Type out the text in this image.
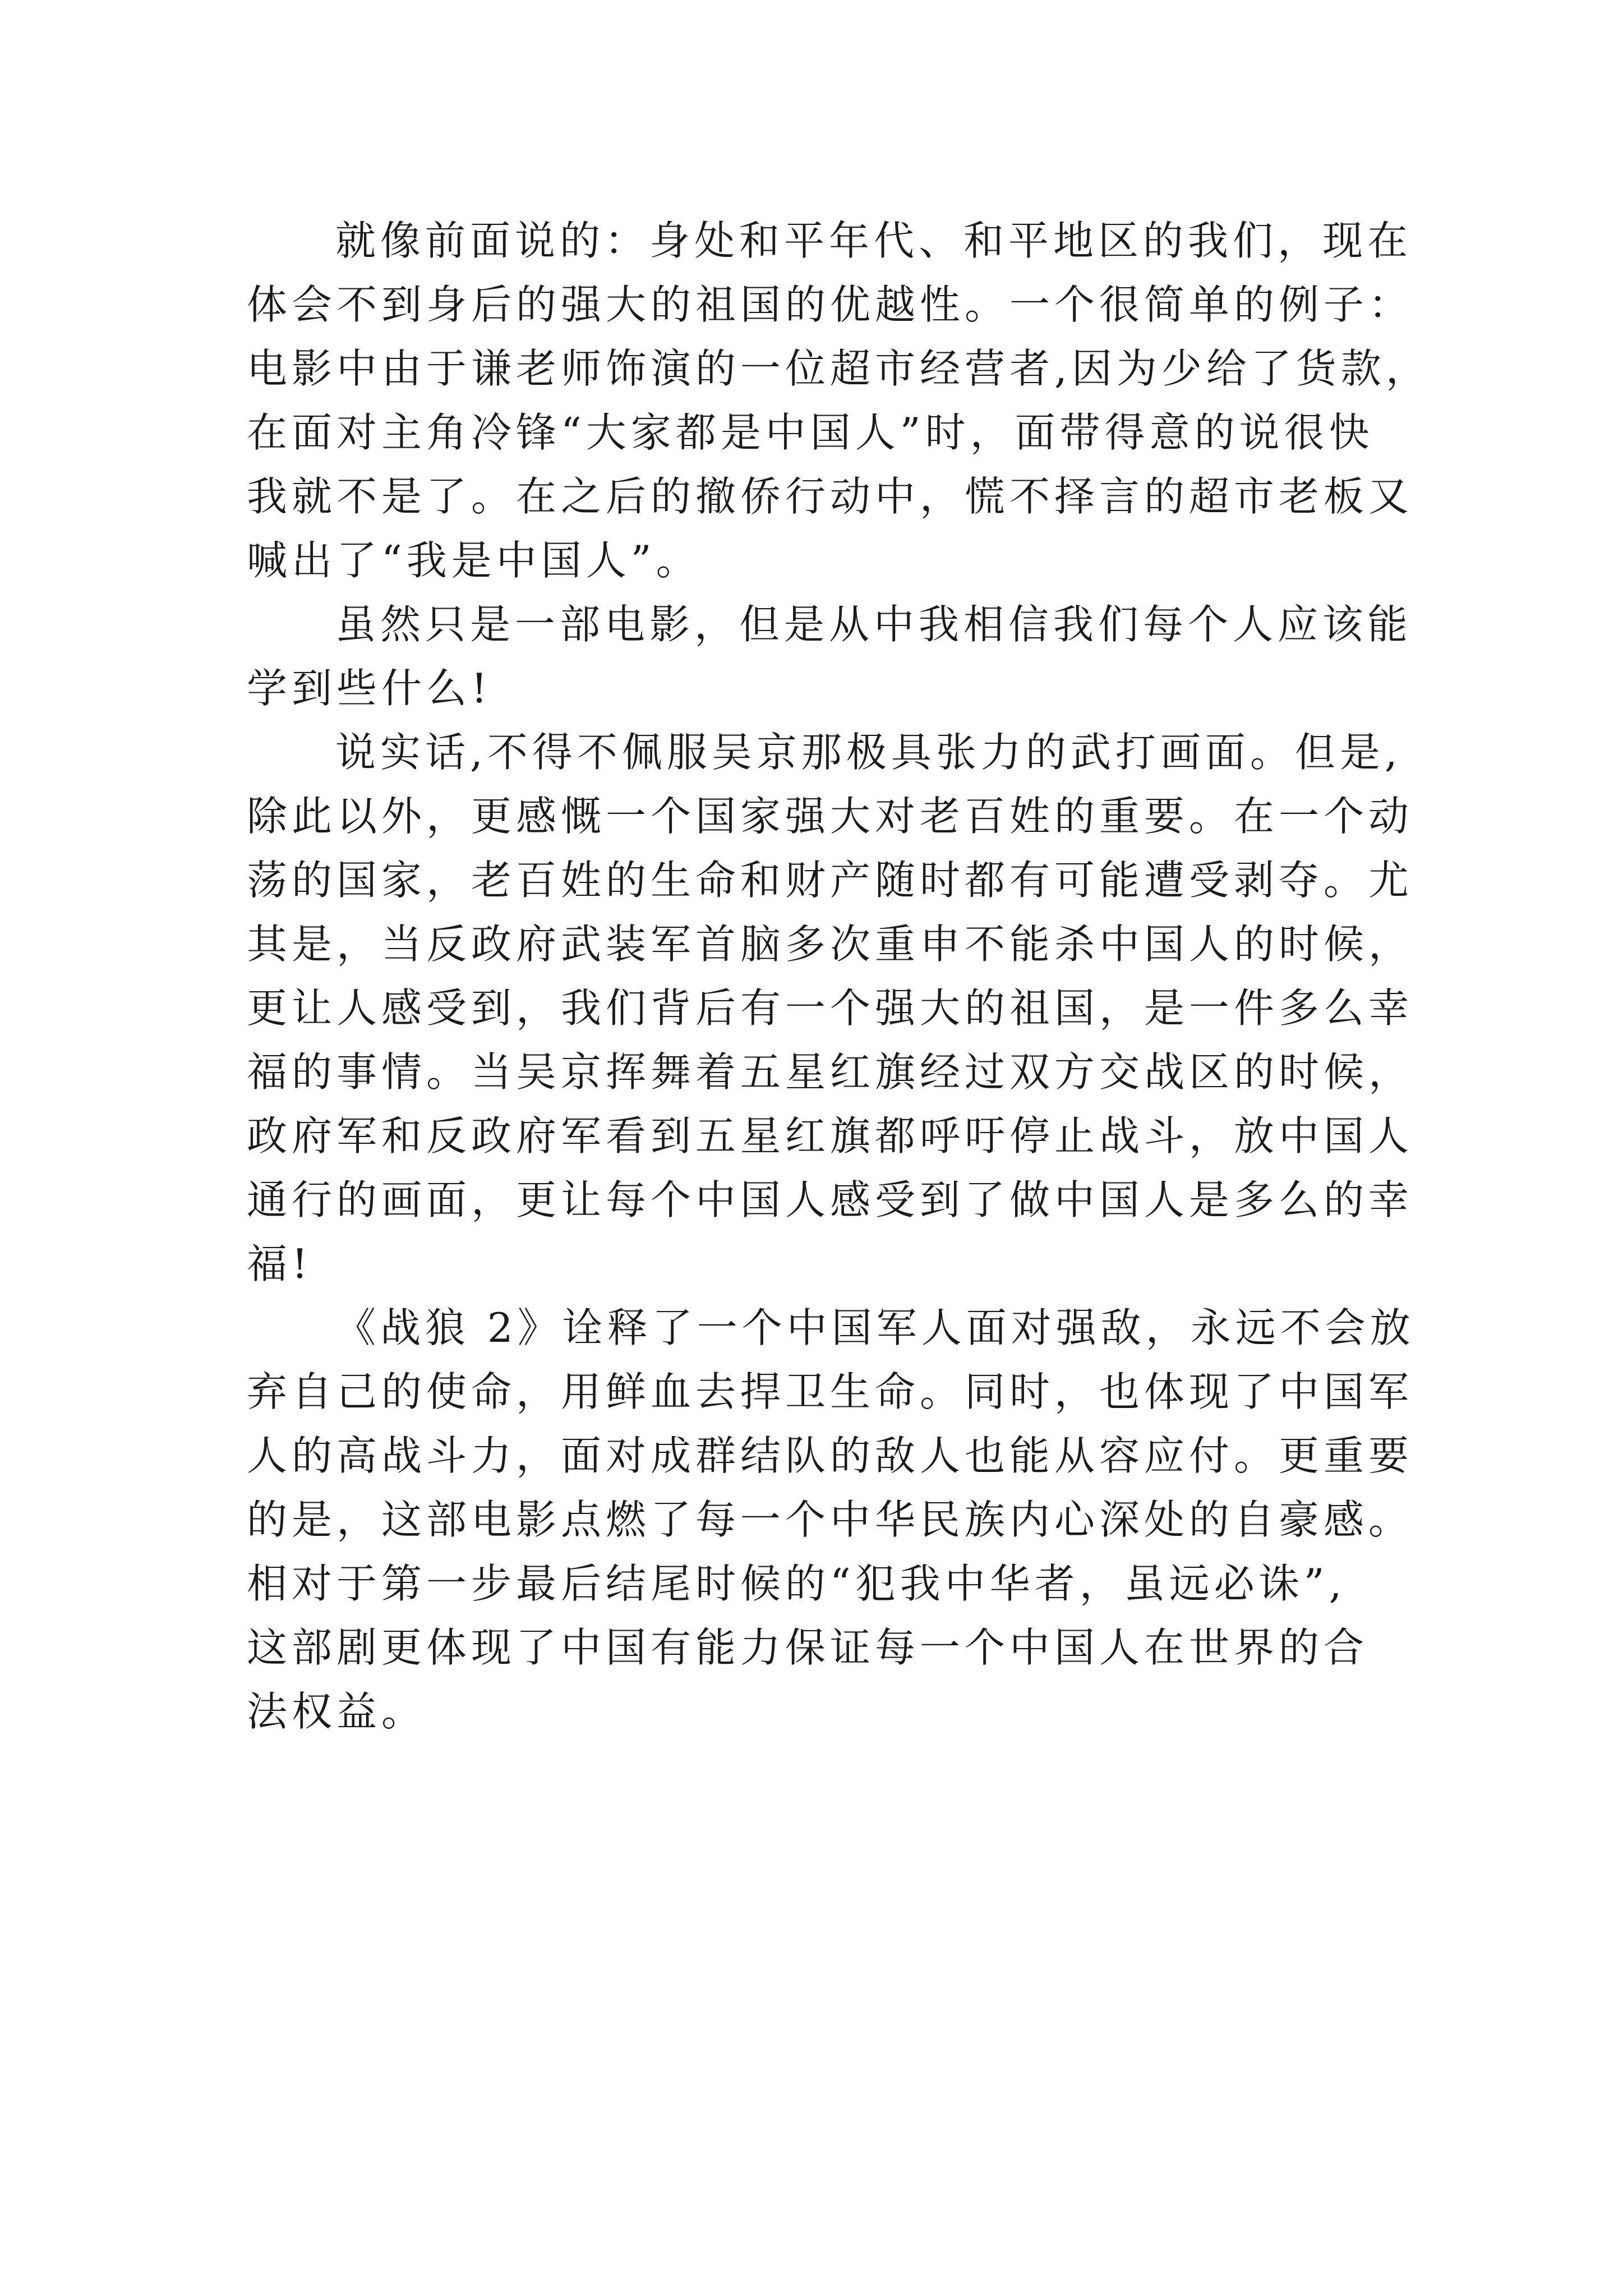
就像前面说的：身处和平年代、和平地区的我们，现在
体会不到身后的强大的祖国的优越性。一个很简单的例子：
电影中由于谦老师饰演的一位超市经营者,因为少给了货款，
在面对主角冷锋“大家都是中国人”时，面带得意的说很快
我就不是了。在之后的撤侨行动中，慌不择言的超市老板又
喊出了“我是中国人”。
虽然只是一部电影，但是从中我相信我们每个人应该能
学到些什么!
说实话,不得不佩服吴京那极具张力的武打画面。但是,
除此以外，更感慨一个国家强大对老百姓的重要。在一个动
荡的国家，老百姓的生命和财产随时都有可能遭受剥夺。尤
其是，当反政府武装军首脑多次重申不能杀中国人的时候，
更让人感受到，我们背后有一个强大的祖国，是一件多么幸
福的事情。当吴京挥舞着五星红旗经过双方交战区的时候，
政府军和反政府军看到五星红旗都呼吁停止战斗，放中国人
通行的画面，更让每个中国人感受到了做中国人是多么的幸
福!
《战狼 2》诠释了一个中国军人面对强敌，永远不会放
弃自己的使命，用鲜血去捍卫生命。同时，也体现了中国军
人的高战斗力，面对成群结队的敌人也能从容应付。更重要
的是，这部电影点燃了每一个中华民族内心深处的自豪感。
相对于第一步最后结尾时候的“犯我中华者，虽远必诛”,
这部剧更体现了中国有能力保证每一个中国人在世界的合
法权益。
